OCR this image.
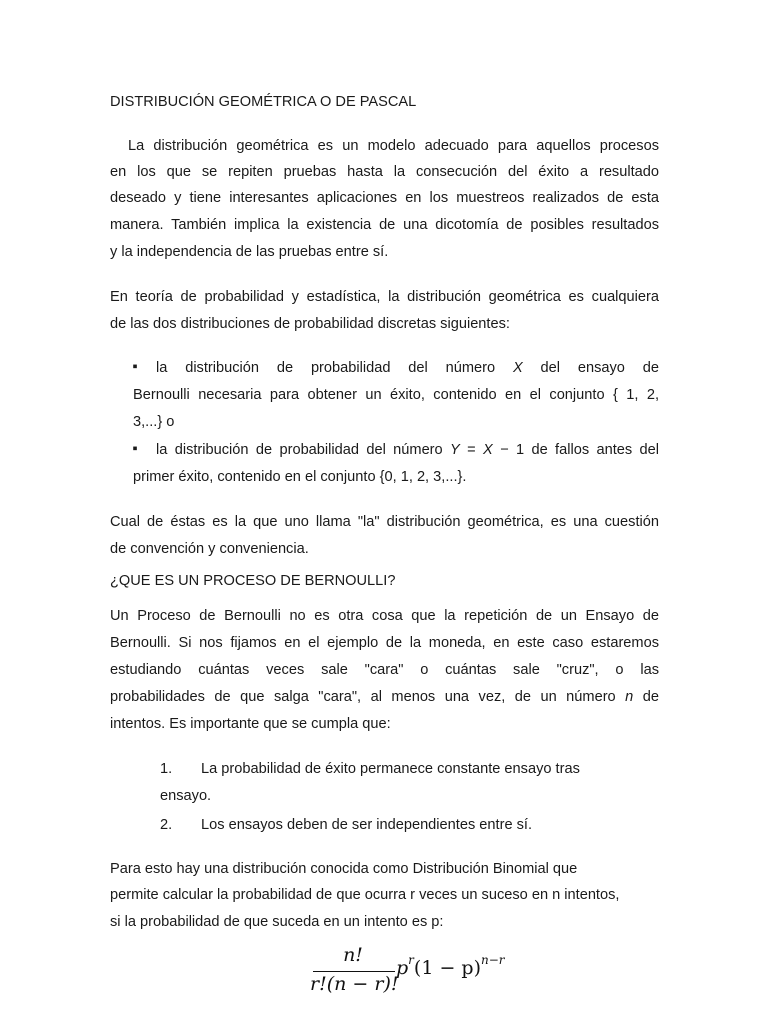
DISTRIBUCIÓN GEOMÉTRICA O DE PASCAL
La distribución geométrica es un modelo adecuado para aquellos procesos
en los que se repiten pruebas hasta la consecución del éxito a resultado
deseado y tiene interesantes aplicaciones en los muestreos realizados de esta
manera. También implica la existencia de una dicotomía de posibles resultados
y la independencia de las pruebas entre sí.
En teoría de probabilidad y estadística, la distribución geométrica es cualquiera
de las dos distribuciones de probabilidad discretas siguientes:
▪ la distribución de probabilidad del número X del ensayo de
Bernoulli necesaria para obtener un éxito, contenido en el conjunto { 1, 2,
3,...} o
▪ la distribución de probabilidad del número Y = X − 1 de fallos antes del
primer éxito, contenido en el conjunto {0, 1, 2, 3,...}.
Cual de éstas es la que uno llama "la" distribución geométrica, es una cuestión
de convención y conveniencia.
¿QUE ES UN PROCESO DE BERNOULLI?
Un Proceso de Bernoulli no es otra cosa que la repetición de un Ensayo de
Bernoulli. Si nos fijamos en el ejemplo de la moneda, en este caso estaremos
estudiando cuántas veces sale "cara" o cuántas sale "cruz", o las
probabilidades de que salga "cara", al menos una vez, de un número n de
intentos. Es importante que se cumpla que:
1. La probabilidad de éxito permanece constante ensayo tras
ensayo.
2. Los ensayos deben de ser independientes entre sí.
Para esto hay una distribución conocida como Distribución Binomial que
permite calcular la probabilidad de que ocurra r veces un suceso en n intentos,
si la probabilidad de que suceda en un intento es p:
n!
r!(n − r)!
$p^r(1 - p)^{n-r}$
